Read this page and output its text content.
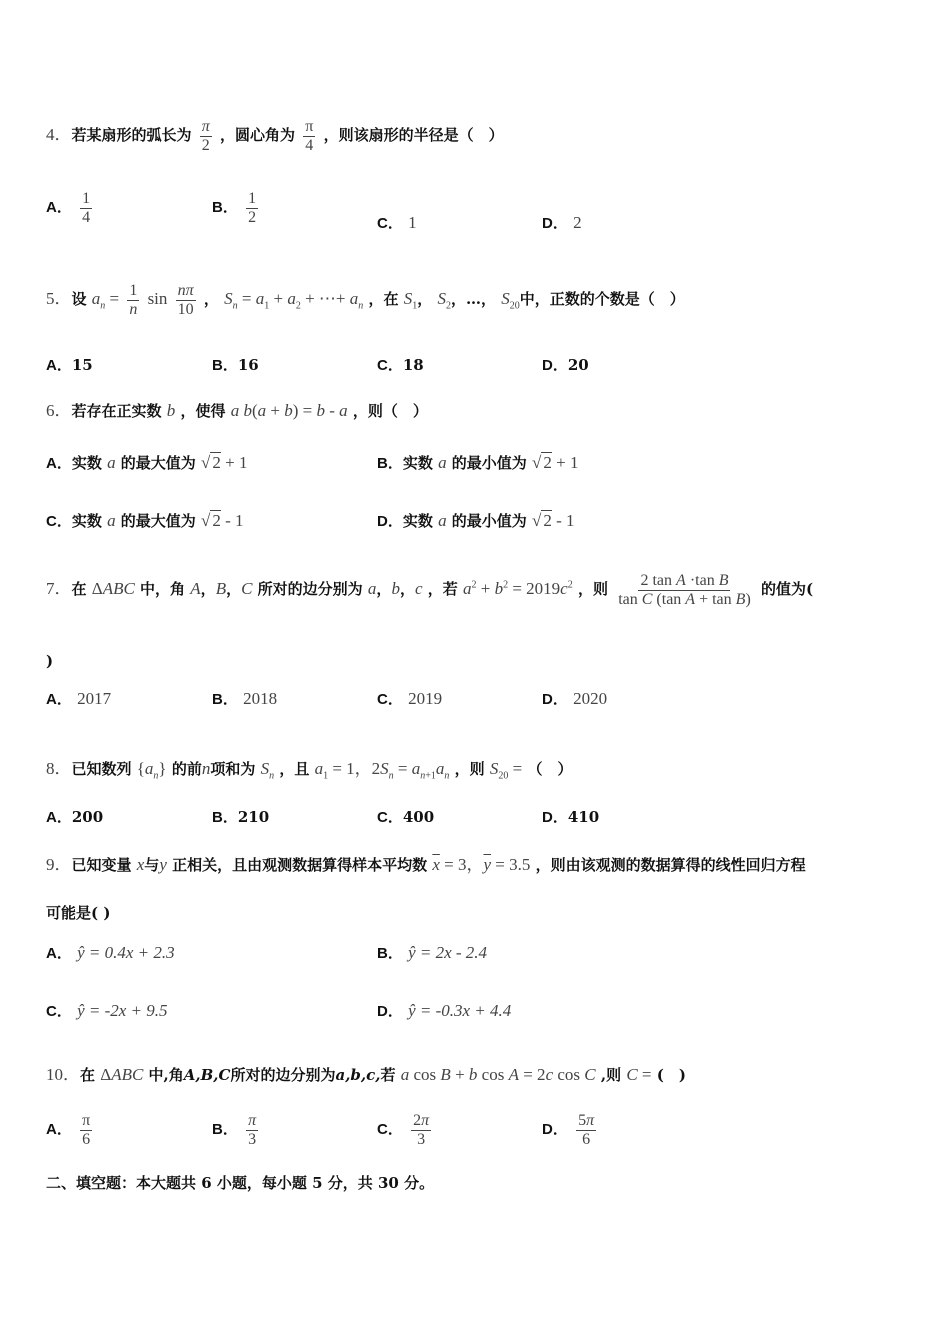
4．若某扇形的弧长为 $\frac{\pi}{2}$ ，圆心角为 $\frac{\pi}{4}$ ，则该扇形的半径是（　）
A． $\frac{1}{4}$	B． $\frac{1}{2}$	C． 1	D． 2
5．设 $a_n = \frac{1}{n}$ $\sin \frac{n\pi}{10}$ ， $S_n = a_1 + a_2$ + ⋯+ $a_n$ ，在 $S_1$， $S_2$，…， $S_{20}$中，正数的个数是（　）
A．15	B．16	C．18	D．20
6．若存在正实数 b ，使得 a b(a + b) = b - a ，则（　）
A．实数 a 的最大值为 √ 2 + 1	B．实数 a 的最小值为 √ 2 + 1
C．实数 a 的最大值为 √ 2 - 1	D．实数 a 的最小值为 √ 2 - 1
7．在 ΔABC 中，角 A，B，C 所对的边分别为 a，b，c ，若 $a^2 + b^2 = 2019c^2$ ，则 $\frac{\text{2 tan A ·tan B}}{\text{tan C (tan A + tan B)}}$ 的值为(
)
A． 2017	B． 2018	C． 2019	D． 2020
8．已知数列 $\{a_n\}$ 的前n项和为 $S_n$ ，且 $a_1 = 1$，$2S_n = a_{n+1}a_n$ ，则 $S_{20}$ = （　）
A．200	B．210	C．400	D．410
9．已知变量 x与y 正相关，且由观测数据算得样本平均数 $\overline{x} = 3$，$\overline{y} = 3.5$ ，则由该观测的数据算得的线性回归方程
可能是( )
A． ŷ = 0.4x + 2.3	B． ŷ = 2x - 2.4
C． ŷ = -2x + 9.5	D． ŷ = -0.3x + 4.4
10．在 ΔABC 中,角A,B,C所对的边分别为a,b,c,若 a cos B + b cos A = 2c cos C ,则 C = (　)
A． $\frac{\pi}{6}$	B． $\frac{\pi}{3}$	C． $\frac{2\pi}{3}$	D． $\frac{5\pi}{6}$
二、填空题：本大题共 6 小题，每小题 5 分，共 30 分。
